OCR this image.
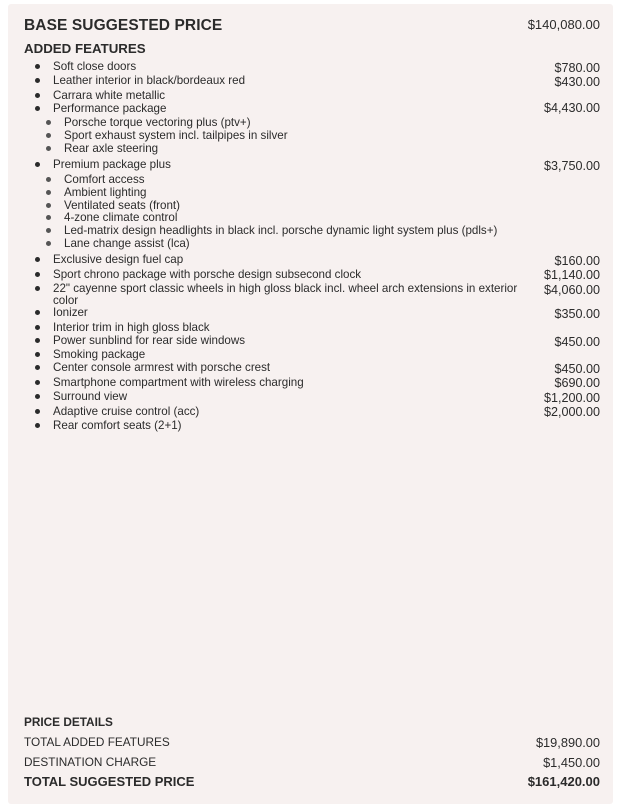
BASE SUGGESTED PRICE	$140,080.00
ADDED FEATURES
Soft close doors	$780.00
Leather interior in black/bordeaux red	$430.00
Carrara white metallic
Performance package	$4,430.00
Porsche torque vectoring plus (ptv+)
Sport exhaust system incl. tailpipes in silver
Rear axle steering
Premium package plus	$3,750.00
Comfort access
Ambient lighting
Ventilated seats (front)
4-zone climate control
Led-matrix design headlights in black incl. porsche dynamic light system plus (pdls+)
Lane change assist (lca)
Exclusive design fuel cap	$160.00
Sport chrono package with porsche design subsecond clock	$1,140.00
22" cayenne sport classic wheels in high gloss black incl. wheel arch extensions in exterior
color
$4,060.00
Ionizer	$350.00
Interior trim in high gloss black
Power sunblind for rear side windows	$450.00
Smoking package
Center console armrest with porsche crest	$450.00
Smartphone compartment with wireless charging	$690.00
Surround view	$1,200.00
Adaptive cruise control (acc)	$2,000.00
Rear comfort seats (2+1)
PRICE DETAILS
TOTAL ADDED FEATURES	$19,890.00
DESTINATION CHARGE	$1,450.00
TOTAL SUGGESTED PRICE	$161,420.00
